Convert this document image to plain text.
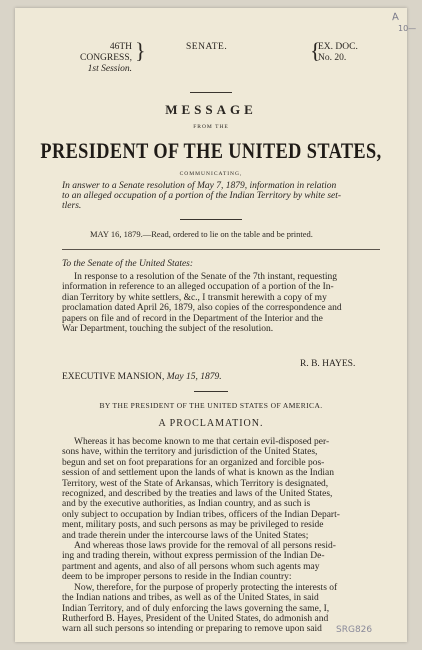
A
10—
46TH CONGRESS,
1st Session.
}	SENATE.	{
EX. DOC.
No. 20.
MESSAGE
FROM THE
PRESIDENT OF THE UNITED STATES,
COMMUNICATING,
In answer to a Senate resolution of May 7, 1879, information in relation
to an alleged occupation of a portion of the Indian Territory by white set-
tlers.
MAY 16, 1879.—Read, ordered to lie on the table and be printed.
To the Senate of the United States:

In response to a resolution of the Senate of the 7th instant, requesting

information in reference to an alleged occupation of a portion of the In-

dian Territory by white settlers, &c., I transmit herewith a copy of my

proclamation dated April 26, 1879, also copies of the correspondence and

papers on file and of record in the Department of the Interior and the

War Department, touching the subject of the resolution.

R. B. HAYES.
EXECUTIVE MANSION, May 15, 1879.
BY THE PRESIDENT OF THE UNITED STATES OF AMERICA.
A PROCLAMATION.

Whereas it has become known to me that certain evil-disposed per-

sons have, within the territory and jurisdiction of the United States,

begun and set on foot preparations for an organized and forcible pos-

session of and settlement upon the lands of what is known as the Indian

Territory, west of the State of Arkansas, which Territory is designated,

recognized, and described by the treaties and laws of the United States,

and by the executive authorities, as Indian country, and as such is

only subject to occupation by Indian tribes, officers of the Indian Depart-

ment, military posts, and such persons as may be privileged to reside

and trade therein under the intercourse laws of the United States;

And whereas those laws provide for the removal of all persons resid-

ing and trading therein, without express permission of the Indian De-

partment and agents, and also of all persons whom such agents may

deem to be improper persons to reside in the Indian country:

Now, therefore, for the purpose of properly protecting the interests of

the Indian nations and tribes, as well as of the United States, in said

Indian Territory, and of duly enforcing the laws governing the same, I,

Rutherford B. Hayes, President of the United States, do admonish and

warn all such persons so intending or preparing to remove upon said	SRG826
